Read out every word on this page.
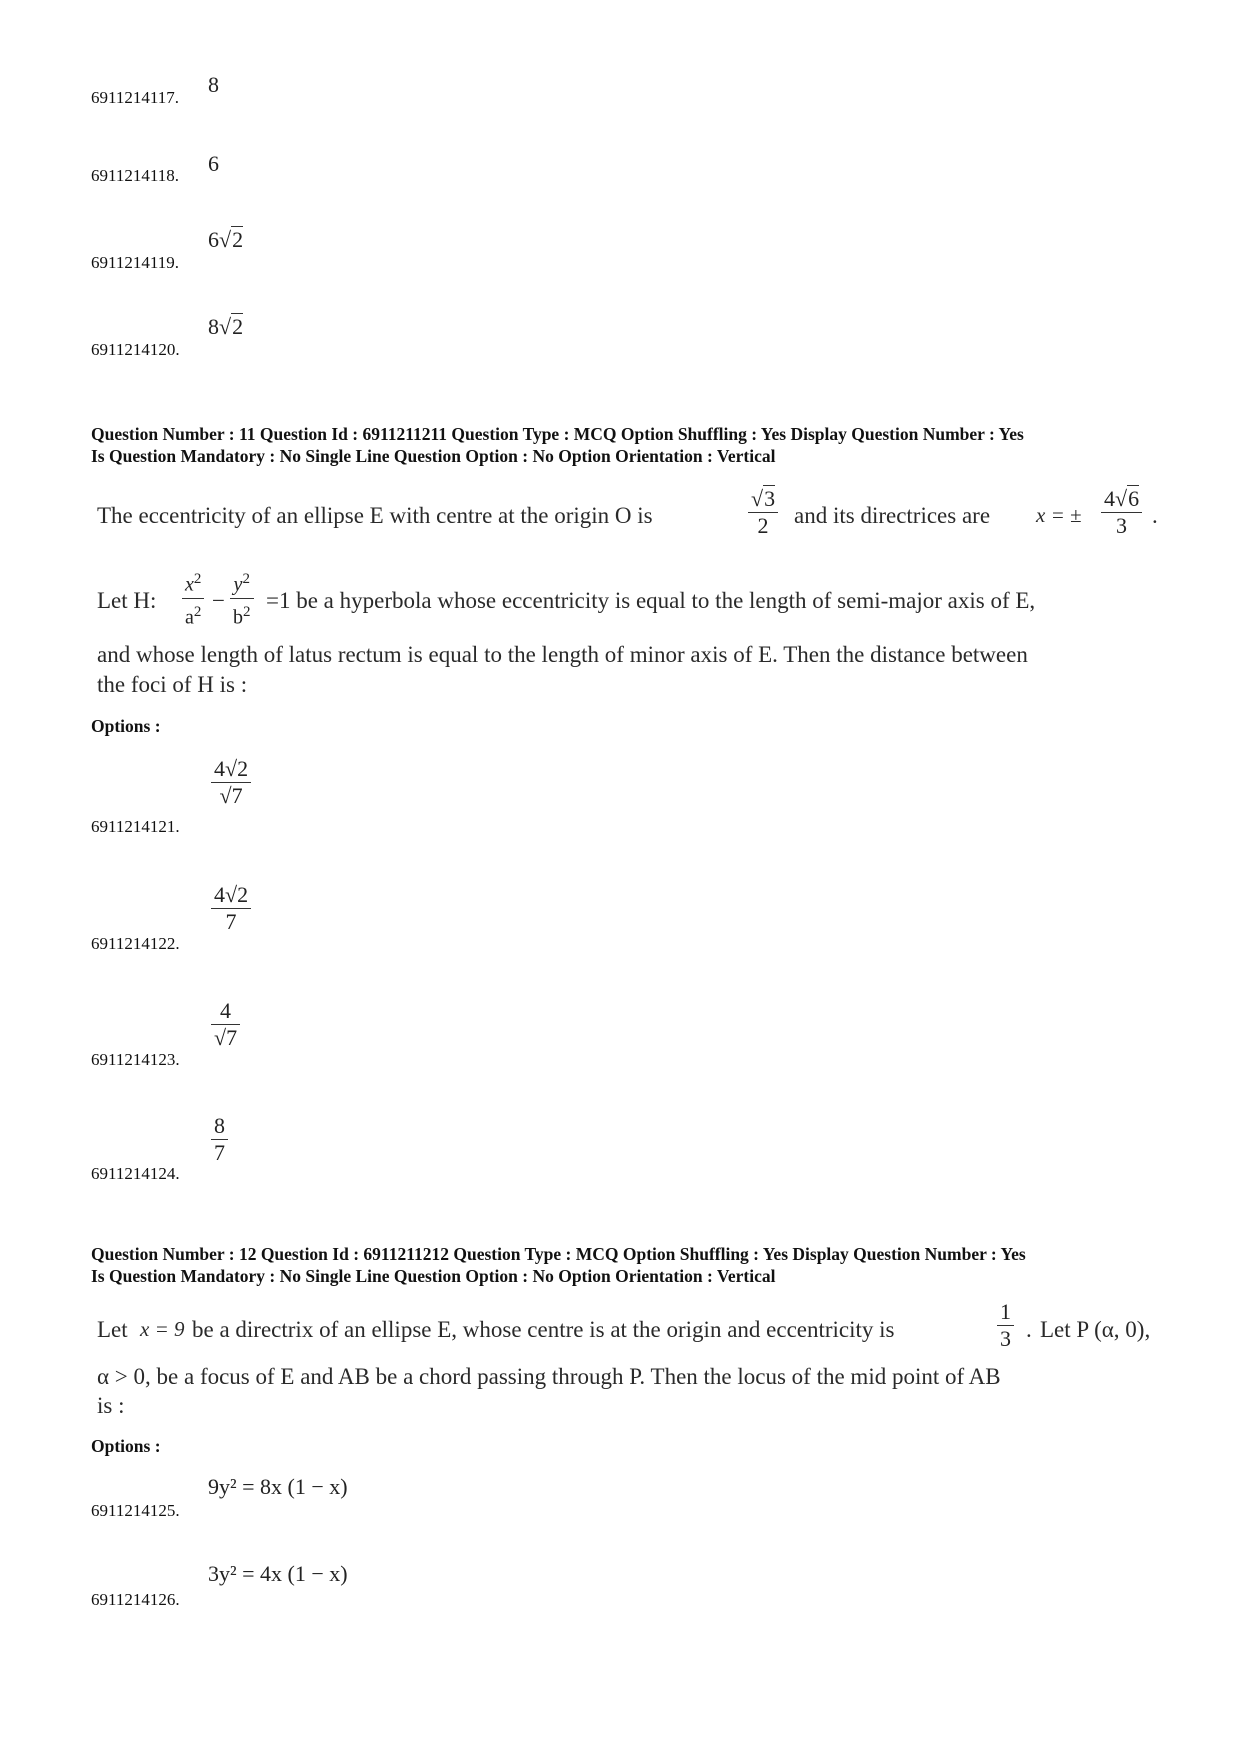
6911214117.
8
6911214118. 6
6911214119.
6√2
6911214120.
8√2
Question Number : 11 Question Id : 6911211211 Question Type : MCQ Option Shuffling : Yes Display Question Number : Yes
Is Question Mandatory : No Single Line Question Option : No Option Orientation : Vertical
The eccentricity of an ellipse E with centre at the origin O is	$\frac{√3}{2}$ and its directrices are x = ± $\frac{4√6}{3}$ .
Let H: $\frac{x^2}{a^2} - \frac{y^2}{b^2} =1$ be a hyperbola whose eccentricity is equal to the length of semi-major axis of E,
and whose length of latus rectum is equal to the length of minor axis of E. Then the distance between
the foci of H is :
Options :
$\frac{4√2}{√7}$
6911214121.
$\frac{4√2}{7}$
6911214122.
$\frac{4}{√7}$
6911214123.
$\frac{8}{7}$
6911214124.
Question Number : 12 Question Id : 6911211212 Question Type : MCQ Option Shuffling : Yes Display Question Number : Yes
Is Question Mandatory : No Single Line Question Option : No Option Orientation : Vertical
Let x = 9 be a directrix of an ellipse E, whose centre is at the origin and eccentricity is	$\frac{1}{3}$ . Let P (α, 0),
α > 0, be a focus of E and AB be a chord passing through P. Then the locus of the mid point of AB
is :
Options :
9y² = 8x (1 − x)
6911214125.
3y² = 4x (1 − x)
6911214126.
